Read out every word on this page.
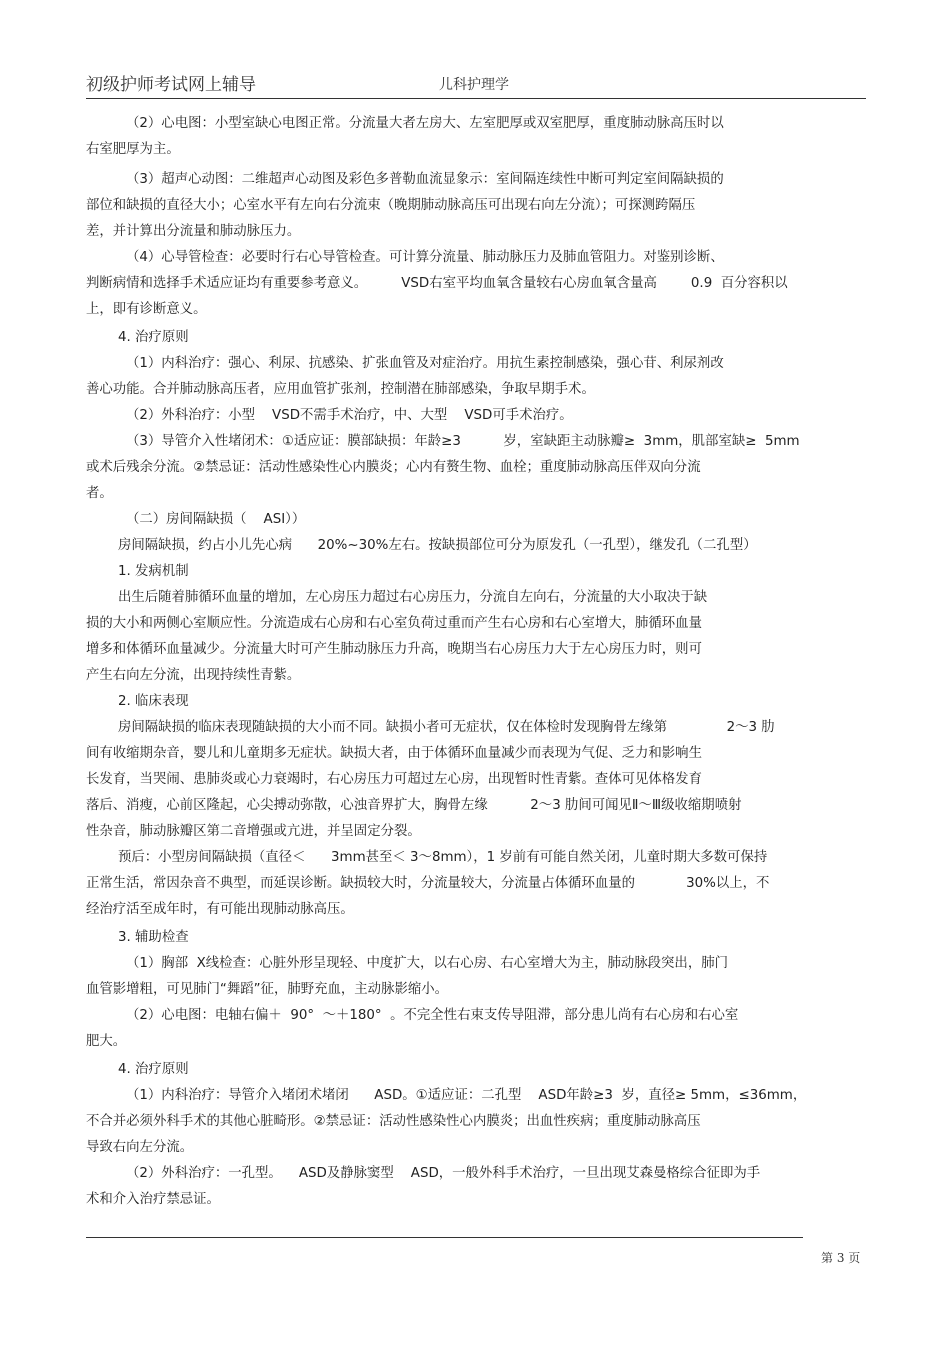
初级护师考试网上辅导	儿科护理学
（2）心电图：小型室缺心电图正常。分流量大者左房大、左室肥厚或双室肥厚，重度肺动脉高压时以
右室肥厚为主。
（3）超声心动图：二维超声心动图及彩色多普勒血流显象示：室间隔连续性中断可判定室间隔缺损的
部位和缺损的直径大小；心室水平有左向右分流束（晚期肺动脉高压可出现右向左分流）；可探测跨隔压
差，并计算出分流量和肺动脉压力。
（4）心导管检查：必要时行右心导管检查。可计算分流量、肺动脉压力及肺血管阻力。对鉴别诊断、
判断病情和选择手术适应证均有重要参考意义。        VSD右室平均血氧含量较右心房血氧含量高        0.9  百分容积以
上，即有诊断意义。
4. 治疗原则
（1）内科治疗：强心、利尿、抗感染、扩张血管及对症治疗。用抗生素控制感染，强心苷、利尿剂改
善心功能。合并肺动脉高压者，应用血管扩张剂，控制潜在肺部感染，争取早期手术。
（2）外科治疗：小型    VSD不需手术治疗，中、大型    VSD可手术治疗。
（3）导管介入性堵闭术：①适应证：膜部缺损：年龄≥3          岁，室缺距主动脉瓣≥  3mm，肌部室缺≥  5mm
或术后残余分流。②禁忌证：活动性感染性心内膜炎；心内有赘生物、血栓；重度肺动脉高压伴双向分流
者。
（二）房间隔缺损（    ASI））
房间隔缺损，约占小儿先心病      20%~30%左右。按缺损部位可分为原发孔（一孔型），继发孔（二孔型）
1. 发病机制
出生后随着肺循环血量的增加，左心房压力超过右心房压力，分流自左向右，分流量的大小取决于缺
损的大小和两侧心室顺应性。分流造成右心房和右心室负荷过重而产生右心房和右心室增大，肺循环血量
增多和体循环血量减少。分流量大时可产生肺动脉压力升高，晚期当右心房压力大于左心房压力时，则可
产生右向左分流，出现持续性青紫。
2. 临床表现
房间隔缺损的临床表现随缺损的大小而不同。缺损小者可无症状，仅在体检时发现胸骨左缘第              2～3 肋
间有收缩期杂音，婴儿和儿童期多无症状。缺损大者，由于体循环血量减少而表现为气促、乏力和影响生
长发育，当哭闹、患肺炎或心力衰竭时，右心房压力可超过左心房，出现暂时性青紫。查体可见体格发育
落后、消瘦，心前区隆起，心尖搏动弥散，心浊音界扩大，胸骨左缘          2～3 肋间可闻见Ⅱ～Ⅲ级收缩期喷射
性杂音，肺动脉瓣区第二音增强或亢进，并呈固定分裂。
预后：小型房间隔缺损（直径＜      3mm甚至＜ 3～8mm），1 岁前有可能自然关闭，儿童时期大多数可保持
正常生活，常因杂音不典型，而延误诊断。缺损较大时，分流量较大，分流量占体循环血量的            30%以上，不
经治疗活至成年时，有可能出现肺动脉高压。
3. 辅助检查
（1）胸部  X线检查：心脏外形呈现轻、中度扩大，以右心房、右心室增大为主，肺动脉段突出，肺门
血管影增粗，可见肺门“舞蹈”征，肺野充血，主动脉影缩小。
（2）心电图：电轴右偏＋  90°  ～＋180°  。不完全性右束支传导阻滞，部分患儿尚有右心房和右心室
肥大。
4. 治疗原则
（1）内科治疗：导管介入堵闭术堵闭      ASD。①适应证：二孔型    ASD年龄≥3  岁，直径≥ 5mm，≤36mm，
不合并必须外科手术的其他心脏畸形。②禁忌证：活动性感染性心内膜炎；出血性疾病；重度肺动脉高压
导致右向左分流。
（2）外科治疗：一孔型。    ASD及静脉窦型    ASD，一般外科手术治疗，一旦出现艾森曼格综合征即为手
术和介入治疗禁忌证。
第 3 页
